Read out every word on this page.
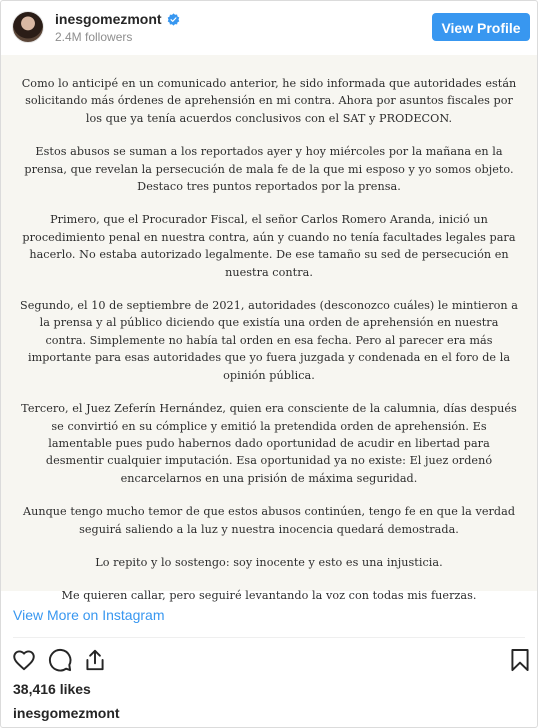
inesgomezmont
2.4M followers
View Profile

Como lo anticipé en un comunicado anterior, he sido informada que autoridades están solicitando más órdenes de aprehensión en mi contra. Ahora por asuntos fiscales por los que ya tenía acuerdos conclusivos con el SAT y PRODECON.

Estos abusos se suman a los reportados ayer y hoy miércoles por la mañana en la prensa, que revelan la persecución de mala fe de la que mi esposo y yo somos objeto. Destaco tres puntos reportados por la prensa.

Primero, que el Procurador Fiscal, el señor Carlos Romero Aranda, inició un procedimiento penal en nuestra contra, aún y cuando no tenía facultades legales para hacerlo. No estaba autorizado legalmente. De ese tamaño su sed de persecución en nuestra contra.

Segundo, el 10 de septiembre de 2021, autoridades (desconozco cuáles) le mintieron a la prensa y al público diciendo que existía una orden de aprehensión en nuestra contra. Simplemente no había tal orden en esa fecha. Pero al parecer era más importante para esas autoridades que yo fuera juzgada y condenada en el foro de la opinión pública.

Tercero, el Juez Zeferín Hernández, quien era consciente de la calumnia, días después se convirtió en su cómplice y emitió la pretendida orden de aprehensión. Es lamentable pues pudo habernos dado oportunidad de acudir en libertad para desmentir cualquier imputación. Esa oportunidad ya no existe: El juez ordenó encarcelarnos en una prisión de máxima seguridad.

Aunque tengo mucho temor de que estos abusos continúen, tengo fe en que la verdad seguirá saliendo a la luz y nuestra inocencia quedará demostrada.

Lo repito y lo sostengo: soy inocente y esto es una injusticia.

Me quieren callar, pero seguiré levantando la voz con todas mis fuerzas.

View More on Instagram
38,416 likes
inesgomezmont
